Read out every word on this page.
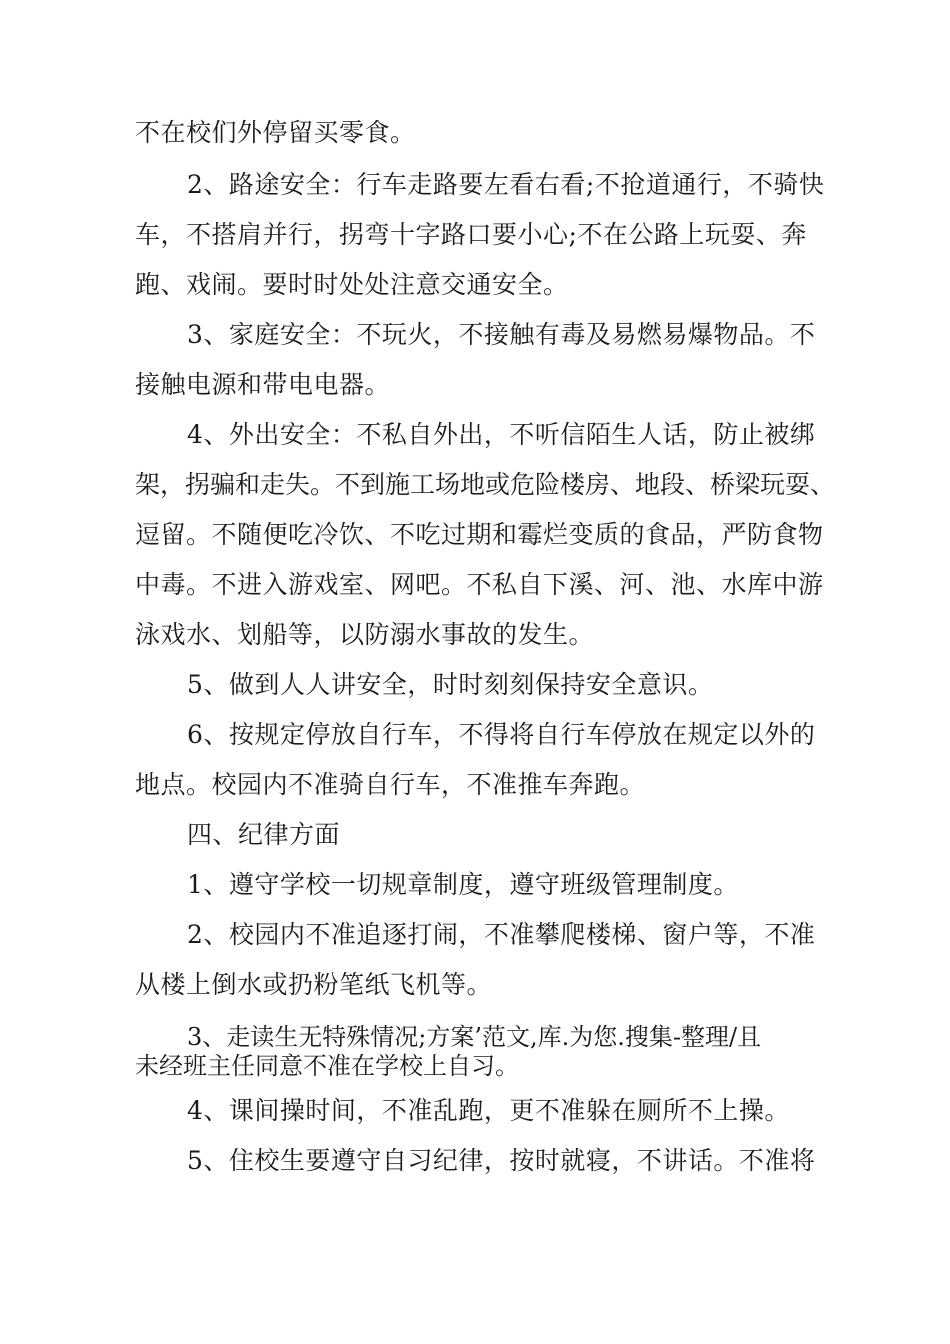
不在校们外停留买零食。
2、路途安全：行车走路要左看右看;不抢道通行，不骑快
车，不搭肩并行，拐弯十字路口要小心;不在公路上玩耍、奔
跑、戏闹。要时时处处注意交通安全。
3、家庭安全：不玩火，不接触有毒及易燃易爆物品。不
接触电源和带电电器。
4、外出安全：不私自外出，不听信陌生人话，防止被绑
架，拐骗和走失。不到施工场地或危险楼房、地段、桥梁玩耍、
逗留。不随便吃冷饮、不吃过期和霉烂变质的食品，严防食物
中毒。不进入游戏室、网吧。不私自下溪、河、池、水库中游
泳戏水、划船等，以防溺水事故的发生。
5、做到人人讲安全，时时刻刻保持安全意识。
6、按规定停放自行车，不得将自行车停放在规定以外的
地点。校园内不准骑自行车，不准推车奔跑。
四、纪律方面
1、遵守学校一切规章制度，遵守班级管理制度。
2、校园内不准追逐打闹，不准攀爬楼梯、窗户等，不准
从楼上倒水或扔粉笔纸飞机等。
3、走读生无特殊情况;方案’范文,库.为您.搜集-整理/且
未经班主任同意不准在学校上自习。
4、课间操时间，不准乱跑，更不准躲在厕所不上操。
5、住校生要遵守自习纪律，按时就寝，不讲话。不准将
